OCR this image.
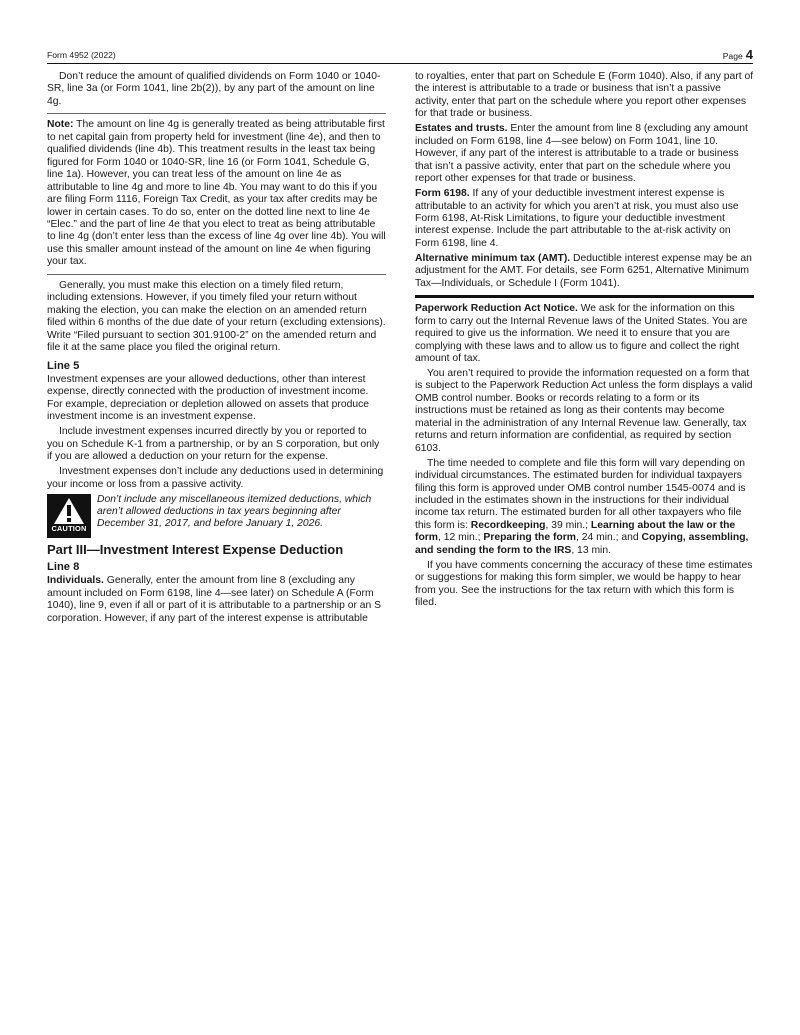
Form 4952 (2022)	Page 4

Don’t reduce the amount of qualified dividends on Form 1040 or 1040-SR, line 3a (or Form 1041, line 2b(2)), by any part of the amount on line 4g.

Note: The amount on line 4g is generally treated as being attributable first to net capital gain from property held for investment (line 4e), and then to qualified dividends (line 4b). This treatment results in the least tax being figured for Form 1040 or 1040-SR, line 16 (or Form 1041, Schedule G, line 1a). However, you can treat less of the amount on line 4e as attributable to line 4g and more to line 4b. You may want to do this if you are filing Form 1116, Foreign Tax Credit, as your tax after credits may be lower in certain cases. To do so, enter on the dotted line next to line 4e “Elec.” and the part of line 4e that you elect to treat as being attributable to line 4g (don’t enter less than the excess of line 4g over line 4b). You will use this smaller amount instead of the amount on line 4e when figuring your tax.

Generally, you must make this election on a timely filed return, including extensions. However, if you timely filed your return without making the election, you can make the election on an amended return filed within 6 months of the due date of your return (excluding extensions). Write “Filed pursuant to section 301.9100-2” on the amended return and file it at the same place you filed the original return.

Line 5

Investment expenses are your allowed deductions, other than interest expense, directly connected with the production of investment income. For example, depreciation or depletion allowed on assets that produce investment income is an investment expense.

Include investment expenses incurred directly by you or reported to you on Schedule K-1 from a partnership, or by an S corporation, but only if you are allowed a deduction on your return for the expense.

Investment expenses don’t include any deductions used in determining your income or loss from a passive activity.

CAUTION
Don’t include any miscellaneous itemized deductions, which aren’t allowed deductions in tax years beginning after December 31, 2017, and before January 1, 2026.
Part III—Investment Interest Expense Deduction
Line 8

Individuals. Generally, enter the amount from line 8 (excluding any amount included on Form 6198, line 4—see later) on Schedule A (Form 1040), line 9, even if all or part of it is attributable to a partnership or an S corporation. However, if any part of the interest expense is attributable

to royalties, enter that part on Schedule E (Form 1040). Also, if any part of the interest is attributable to a trade or business that isn’t a passive activity, enter that part on the schedule where you report other expenses for that trade or business.

Estates and trusts. Enter the amount from line 8 (excluding any amount included on Form 6198, line 4—see below) on Form 1041, line 10. However, if any part of the interest is attributable to a trade or business that isn’t a passive activity, enter that part on the schedule where you report other expenses for that trade or business.

Form 6198. If any of your deductible investment interest expense is attributable to an activity for which you aren’t at risk, you must also use Form 6198, At-Risk Limitations, to figure your deductible investment interest expense. Include the part attributable to the at-risk activity on Form 6198, line 4.

Alternative minimum tax (AMT). Deductible interest expense may be an adjustment for the AMT. For details, see Form 6251, Alternative Minimum Tax—Individuals, or Schedule I (Form 1041).

Paperwork Reduction Act Notice. We ask for the information on this form to carry out the Internal Revenue laws of the United States. You are required to give us the information. We need it to ensure that you are complying with these laws and to allow us to figure and collect the right amount of tax.

You aren’t required to provide the information requested on a form that is subject to the Paperwork Reduction Act unless the form displays a valid OMB control number. Books or records relating to a form or its instructions must be retained as long as their contents may become material in the administration of any Internal Revenue law. Generally, tax returns and return information are confidential, as required by section 6103.

The time needed to complete and file this form will vary depending on individual circumstances. The estimated burden for individual taxpayers filing this form is approved under OMB control number 1545-0074 and is included in the estimates shown in the instructions for their individual income tax return. The estimated burden for all other taxpayers who file this form is: Recordkeeping, 39 min.; Learning about the law or the form, 12 min.; Preparing the form, 24 min.; and Copying, assembling, and sending the form to the IRS, 13 min.

If you have comments concerning the accuracy of these time estimates or suggestions for making this form simpler, we would be happy to hear from you. See the instructions for the tax return with which this form is filed.
